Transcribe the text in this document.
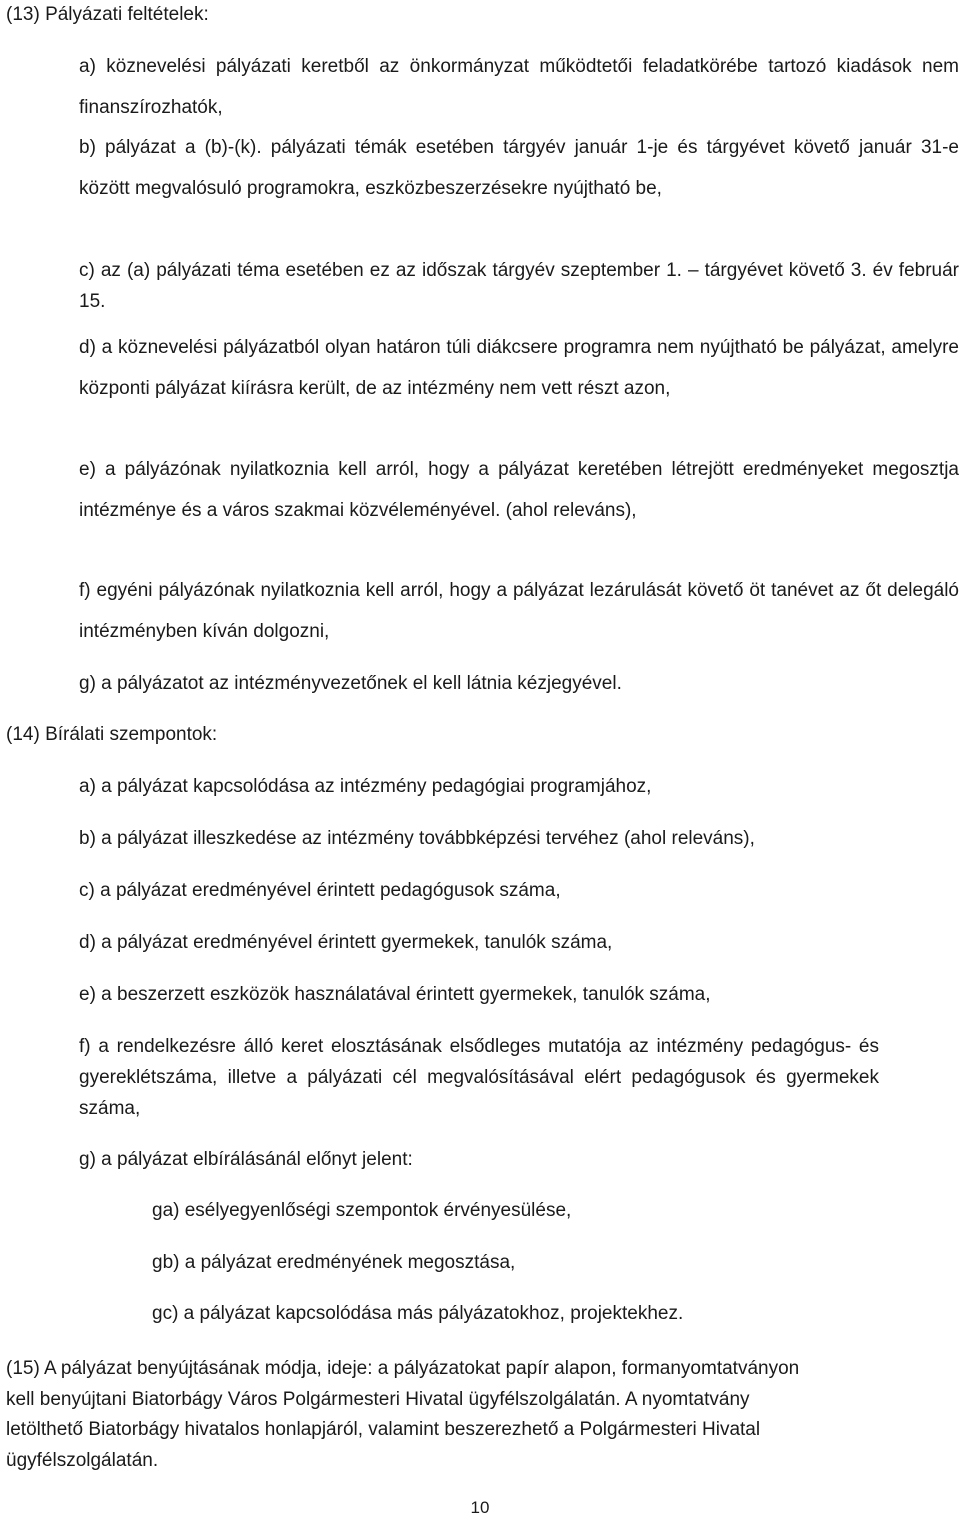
(13) Pályázati feltételek:

a) köznevelési pályázati keretből az önkormányzat működtetői feladatkörébe tartozó kiadások nem finanszírozhatók,

b) pályázat a (b)-(k). pályázati témák esetében tárgyév január 1-je és tárgyévet követő január 31-e között megvalósuló programokra, eszközbeszerzésekre nyújtható be,

c) az (a) pályázati téma esetében ez az időszak tárgyév szeptember 1. – tárgyévet követő 3. év február 15.

d) a köznevelési pályázatból olyan határon túli diákcsere programra nem nyújtható be pályázat, amelyre központi pályázat kiírásra került, de az intézmény nem vett részt azon,

e) a pályázónak nyilatkoznia kell arról, hogy a pályázat keretében létrejött eredményeket megosztja intézménye és a város szakmai közvéleményével. (ahol releváns),

f) egyéni pályázónak nyilatkoznia kell arról, hogy a pályázat lezárulását követő öt tanévet az őt delegáló intézményben kíván dolgozni,

g) a pályázatot az intézményvezetőnek el kell látnia kézjegyével.

(14) Bírálati szempontok:

a) a pályázat kapcsolódása az intézmény pedagógiai programjához,

b) a pályázat illeszkedése az intézmény továbbképzési tervéhez (ahol releváns),

c) a pályázat eredményével érintett pedagógusok száma,

d) a pályázat eredményével érintett gyermekek, tanulók száma,

e) a beszerzett eszközök használatával érintett gyermekek, tanulók száma,

f) a rendelkezésre álló keret elosztásának elsődleges mutatója az intézmény pedagógus- és gyereklétszáma, illetve a pályázati cél megvalósításával elért pedagógusok és gyermekek száma,

g) a pályázat elbírálásánál előnyt jelent:

ga) esélyegyenlőségi szempontok érvényesülése,

gb) a pályázat eredményének megosztása,

gc) a pályázat kapcsolódása más pályázatokhoz, projektekhez.

(15) A pályázat benyújtásának módja, ideje: a pályázatokat papír alapon, formanyomtatványon kell benyújtani Biatorbágy Város Polgármesteri Hivatal ügyfélszolgálatán. A nyomtatvány letölthető Biatorbágy hivatalos honlapjáról, valamint beszerezhető a Polgármesteri Hivatal ügyfélszolgálatán.

10
